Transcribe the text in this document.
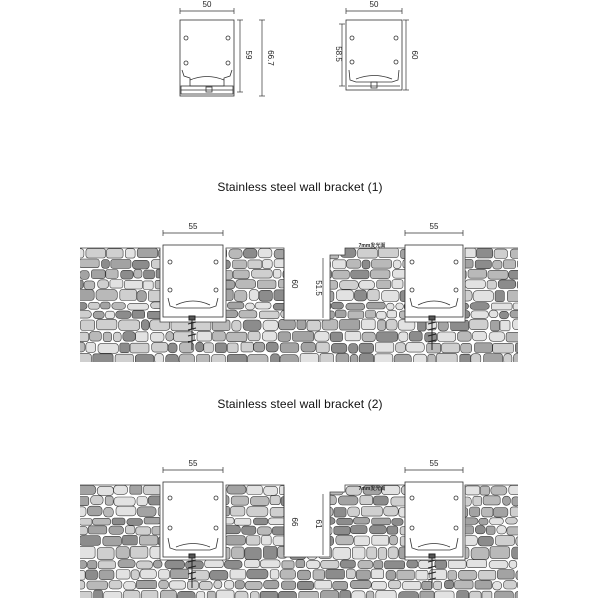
50
59 66.7
50
58.5	60
55	55
60 51.5
7mm发光面
55	55
66 61
7mm发光面
Stainless steel wall bracket (1)
Stainless steel wall bracket (2)
